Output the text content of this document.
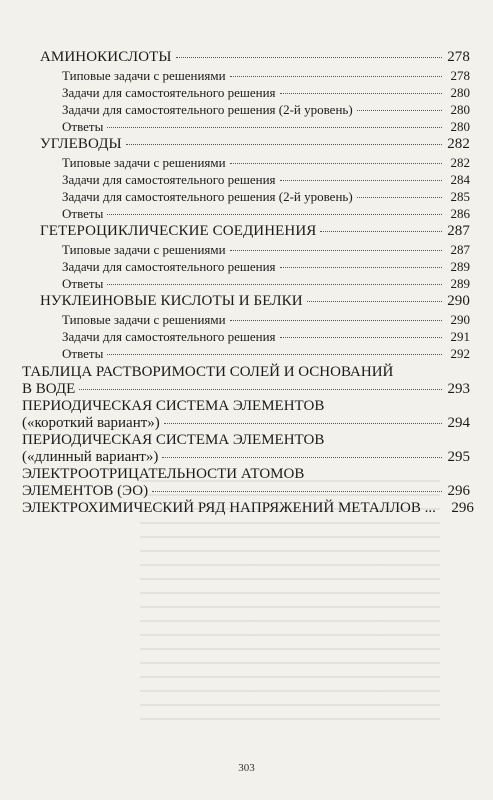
АМИНОКИСЛОТЫ	278
Типовые задачи с решениями	278
Задачи для самостоятельного решения	280
Задачи для самостоятельного решения (2-й уровень)	280
Ответы	280
УГЛЕВОДЫ	282
Типовые задачи с решениями	282
Задачи для самостоятельного решения	284
Задачи для самостоятельного решения (2-й уровень)	285
Ответы	286
ГЕТЕРОЦИКЛИЧЕСКИЕ СОЕДИНЕНИЯ	287
Типовые задачи с решениями	287
Задачи для самостоятельного решения	289
Ответы	289
НУКЛЕИНОВЫЕ КИСЛОТЫ И БЕЛКИ	290
Типовые задачи с решениями	290
Задачи для самостоятельного решения	291
Ответы	292
ТАБЛИЦА РАСТВОРИМОСТИ СОЛЕЙ И ОСНОВАНИЙ
В ВОДЕ	293
ПЕРИОДИЧЕСКАЯ СИСТЕМА ЭЛЕМЕНТОВ
(«короткий вариант»)	294
ПЕРИОДИЧЕСКАЯ СИСТЕМА ЭЛЕМЕНТОВ
(«длинный вариант»)	295
ЭЛЕКТРООТРИЦАТЕЛЬНОСТИ АТОМОВ
ЭЛЕМЕНТОВ (ЭО)	296
ЭЛЕКТРОХИМИЧЕСКИЙ РЯД НАПРЯЖЕНИЙ МЕТАЛЛОВ ... 296
303
